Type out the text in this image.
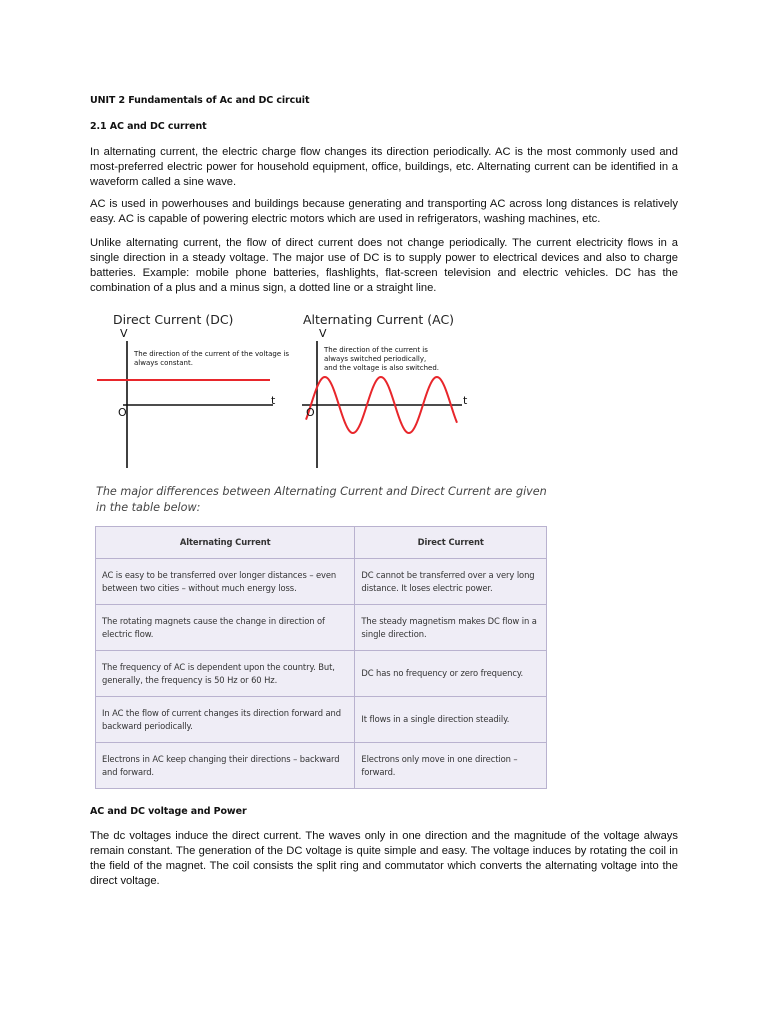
UNIT 2 Fundamentals of Ac and DC circuit
2.1 AC and DC current

In alternating current, the electric charge flow changes its direction periodically. AC is the most commonly used and most-preferred electric power for household equipment, office, buildings, etc. Alternating current can be identified in a waveform called a sine wave.

AC is used in powerhouses and buildings because generating and transporting AC across long distances is relatively easy. AC is capable of powering electric motors which are used in refrigerators, washing machines, etc.

Unlike alternating current, the flow of direct current does not change periodically. The current electricity flows in a single direction in a steady voltage. The major use of DC is to supply power to electrical devices and also to charge batteries. Example: mobile phone batteries, flashlights, flat-screen television and electric vehicles. DC has the combination of a plus and a minus sign, a dotted line or a straight line.

Direct Current (DC)
V
The direction of the current of the voltage is always constant.
t
O
Alternating Current (AC)
V
The direction of the current is
always switched periodically,
and the voltage is also switched.
t
O
The major differences between Alternating Current and Direct Current are given in the table below:
Alternating Current	Direct Current
AC is easy to be transferred over longer distances – even between two cities – without much energy loss.	DC cannot be transferred over a very long distance. It loses electric power.
The rotating magnets cause the change in direction of electric flow.	The steady magnetism makes DC flow in a single direction.
The frequency of AC is dependent upon the country. But, generally, the frequency is 50 Hz or 60 Hz.	DC has no frequency or zero frequency.
In AC the flow of current changes its direction forward and backward periodically.	It flows in a single direction steadily.
Electrons in AC keep changing their directions – backward and forward.	Electrons only move in one direction – forward.
AC and DC voltage and Power

The dc voltages induce the direct current. The waves only in one direction and the magnitude of the voltage always remain constant. The generation of the DC voltage is quite simple and easy. The voltage induces by rotating the coil in the field of the magnet. The coil consists the split ring and commutator which converts the alternating voltage into the direct voltage.
